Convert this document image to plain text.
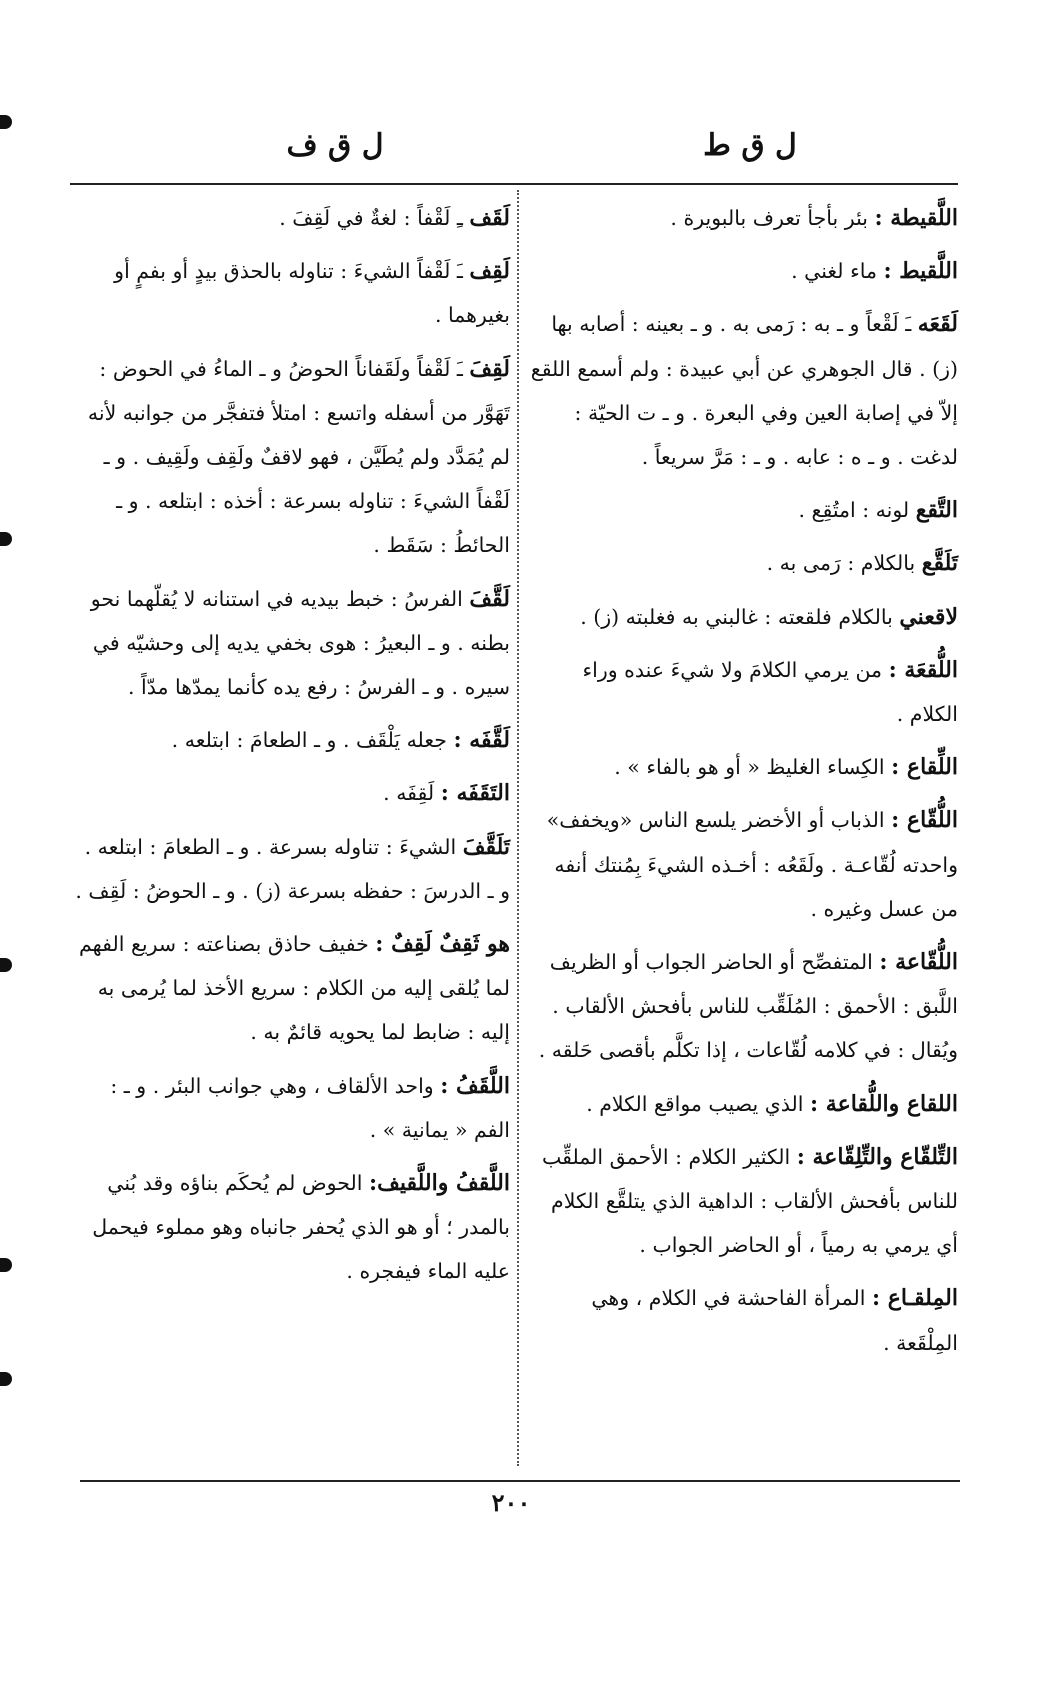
ل ق ط
ل ق ف
اللَّقيطة : بئر بأجأ تعرف بالبويرة .
اللَّقيط : ماء لغني .
لَقَعَه ـَ لَقْعاً و ـ به : رَمى به . و ـ بعينه : أصابه بها (ز) . قال الجوهري عن أبي عبيدة : ولم أسمع اللقع إلاّ في إصابة العين وفي البعرة . و ـ ت الحيّة : لدغت . و ـ ه : عابه . و ـ : مَرَّ سريعاً .
التَّقع لونه : امتُقِع .
تَلَقَّع بالكلام : رَمى به .
لاقعني بالكلام فلقعته : غالبني به فغلبته (ز) .
اللُّقعَة : من يرمي الكلامَ ولا شيءَ عنده وراء الكلام .
اللِّقاع : الكِساء الغليظ « أو هو بالفاء » .
اللُّقّاع : الذباب أو الأخضر يلسع الناس «ويخفف» واحدته لُقّاعـة . ولَقَعُه : أخـذه الشيءَ بِمُنتك أنفه من عسل وغيره .
اللُّقّاعة : المتفصِّح أو الحاضر الجواب أو الظريف اللَّبق : الأحمق : المُلَقِّب للناس بأفحش الألقاب . ويُقال : في كلامه لُقّاعات ، إذا تكلَّم بأقصى حَلقه .
اللقاع واللُّقاعة : الذي يصيب مواقع الكلام .
التِّلقّاع والتِّلِقّاعة : الكثير الكلام : الأحمق الملقِّب للناس بأفحش الألقاب : الداهية الذي يتلقَّع الكلام أي يرمي به رمياً ، أو الحاضر الجواب .
المِلقـاع : المرأة الفاحشة في الكلام ، وهي المِلْقَعة .
لَقَف ـِ لَقْفاً : لغةٌ في لَقِفَ .
لَقِف ـَ لَقْفاً الشيءَ : تناوله بالحذق بيدٍ أو بفمٍ أو بغيرهما .
لَقِفَ ـَ لَقْفاً ولَقَفاناً الحوضُ و ـ الماءُ في الحوض : تَهَوَّر من أسفله واتسع : امتلأ فتفجَّر من جوانبه لأنه لم يُمَدَّد ولم يُطَيَّن ، فهو لاقفٌ ولَقِف ولَقِيف . و ـ لَقْفاً الشيءَ : تناوله بسرعة : أخذه : ابتلعه . و ـ الحائطُ : سَقَط .
لَقَّفَ الفرسُ : خبط بيديه في استنانه لا يُقلّهما نحو بطنه . و ـ البعيرُ : هوى بخفي يديه إلى وحشيّه في سيره . و ـ الفرسُ : رفع يده كأنما يمدّها مدّاً .
لَقَّفَه : جعله يَلْقَف . و ـ الطعامَ : ابتلعه .
التَقَفَه : لَقِفَه .
تَلَقَّفَ الشيءَ : تناوله بسرعة . و ـ الطعامَ : ابتلعه . و ـ الدرسَ : حفظه بسرعة (ز) . و ـ الحوضُ : لَقِف .
هو ثَقِفٌ لَقِفٌ : خفيف حاذق بصناعته : سريع الفهم لما يُلقى إليه من الكلام : سريع الأخذ لما يُرمى به إليه : ضابط لما يحويه قائمٌ به .
اللَّقَفُ : واحد الألقاف ، وهي جوانب البئر . و ـ : الفم « يمانية » .
اللَّقفُ واللَّقيف: الحوض لم يُحكَم بناؤه وقد بُني بالمدر ؛ أو هو الذي يُحفر جانباه وهو مملوء فيحمل عليه الماء فيفجره .
٢٠٠
